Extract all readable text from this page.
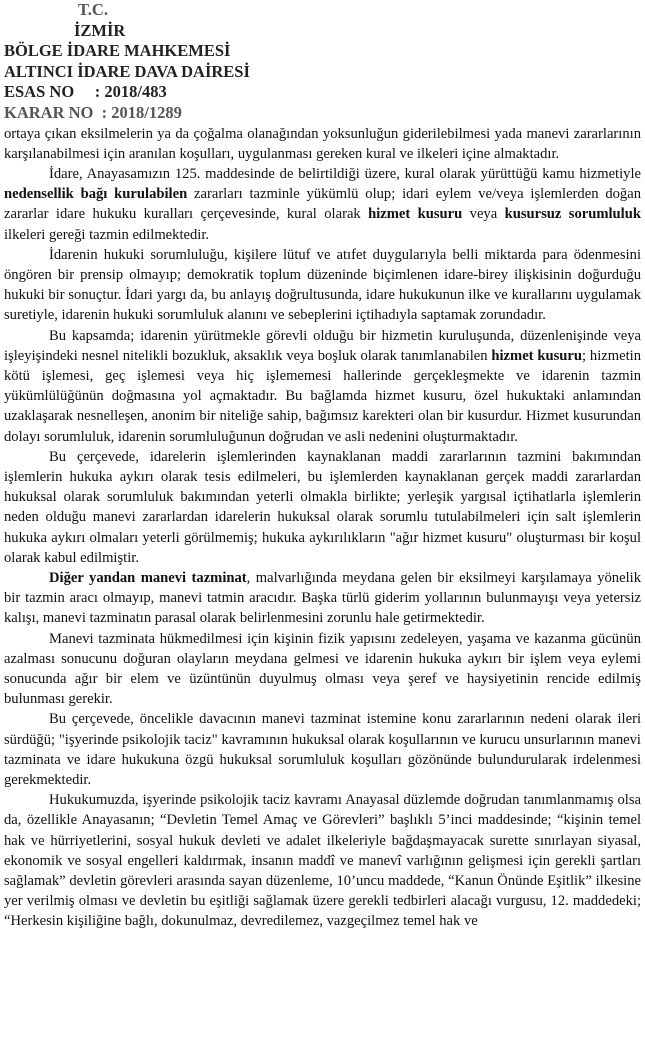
T.C.
İZMİR
BÖLGE İDARE MAHKEMESİ
ALTINCI İDARE DAVA DAİRESİ
ESAS NO     : 2018/483
KARAR NO  : 2018/1289

ortaya çıkan eksilmelerin ya da çoğalma olanağından yoksunluğun giderilebilmesi yada manevi zararlarının karşılanabilmesi için aranılan koşulları, uygulanması gereken kural ve ilkeleri içine almaktadır.

İdare, Anayasamızın 125. maddesinde de belirtildiği üzere, kural olarak yürüttüğü kamu hizmetiyle nedensellik bağı kurulabilen zararları tazminle yükümlü olup; idari eylem ve/veya işlemlerden doğan zararlar idare hukuku kuralları çerçevesinde, kural olarak hizmet kusuru veya kusursuz sorumluluk ilkeleri gereği tazmin edilmektedir.

İdarenin hukuki sorumluluğu, kişilere lütuf ve atıfet duygularıyla belli miktarda para ödenmesini öngören bir prensip olmayıp; demokratik toplum düzeninde biçimlenen idare-birey ilişkisinin doğurduğu hukuki bir sonuçtur. İdari yargı da, bu anlayış doğrultusunda, idare hukukunun ilke ve kurallarını uygulamak suretiyle, idarenin hukuki sorumluluk alanını ve sebeplerini içtihadıyla saptamak zorundadır.

Bu kapsamda; idarenin yürütmekle görevli olduğu bir hizmetin kuruluşunda, düzenlenişinde veya işleyişindeki nesnel nitelikli bozukluk, aksaklık veya boşluk olarak tanımlanabilen hizmet kusuru; hizmetin kötü işlemesi, geç işlemesi veya hiç işlememesi hallerinde gerçekleşmekte ve idarenin tazmin yükümlülüğünün doğmasına yol açmaktadır. Bu bağlamda hizmet kusuru, özel hukuktaki anlamından uzaklaşarak nesnelleşen, anonim bir niteliğe sahip, bağımsız karekteri olan bir kusurdur. Hizmet kusurundan dolayı sorumluluk, idarenin sorumluluğunun doğrudan ve asli nedenini oluşturmaktadır.

Bu çerçevede, idarelerin işlemlerinden kaynaklanan maddi zararlarının tazmini bakımından işlemlerin hukuka aykırı olarak tesis edilmeleri, bu işlemlerden kaynaklanan gerçek maddi zararlardan hukuksal olarak sorumluluk bakımından yeterli olmakla birlikte; yerleşik yargısal içtihatlarla işlemlerin neden olduğu manevi zararlardan idarelerin hukuksal olarak sorumlu tutulabilmeleri için salt işlemlerin hukuka aykırı olmaları yeterli görülmemiş; hukuka aykırılıkların "ağır hizmet kusuru" oluşturması bir koşul olarak kabul edilmiştir.

Diğer yandan manevi tazminat, malvarlığında meydana gelen bir eksilmeyi karşılamaya yönelik bir tazmin aracı olmayıp, manevi tatmin aracıdır. Başka türlü giderim yollarının bulunmayışı veya yetersiz kalışı, manevi tazminatın parasal olarak belirlenmesini zorunlu hale getirmektedir.

Manevi tazminata hükmedilmesi için kişinin fizik yapısını zedeleyen, yaşama ve kazanma gücünün azalması sonucunu doğuran olayların meydana gelmesi ve idarenin hukuka aykırı bir işlem veya eylemi sonucunda ağır bir elem ve üzüntünün duyulmuş olması veya şeref ve haysiyetinin rencide edilmiş bulunması gerekir.

Bu çerçevede, öncelikle davacının manevi tazminat istemine konu zararlarının nedeni olarak ileri sürdüğü; "işyerinde psikolojik taciz" kavramının hukuksal olarak koşullarının ve kurucu unsurlarının manevi tazminata ve idare hukukuna özgü hukuksal sorumluluk koşulları gözönünde bulundurularak irdelenmesi gerekmektedir.

Hukukumuzda, işyerinde psikolojik taciz kavramı Anayasal düzlemde doğrudan tanımlanmamış olsa da, özellikle Anayasanın; “Devletin Temel Amaç ve Görevleri” başlıklı 5’inci maddesinde; “kişinin temel hak ve hürriyetlerini, sosyal hukuk devleti ve adalet ilkeleriyle bağdaşmayacak surette sınırlayan siyasal, ekonomik ve sosyal engelleri kaldırmak, insanın maddî ve manevî varlığının gelişmesi için gerekli şartları sağlamak” devletin görevleri arasında sayan düzenleme, 10’uncu maddede, “Kanun Önünde Eşitlik” ilkesine yer verilmiş olması ve devletin bu eşitliği sağlamak üzere gerekli tedbirleri alacağı vurgusu, 12. maddedeki; “Herkesin kişiliğine bağlı, dokunulmaz, devredilemez, vazgeçilmez temel hak ve
